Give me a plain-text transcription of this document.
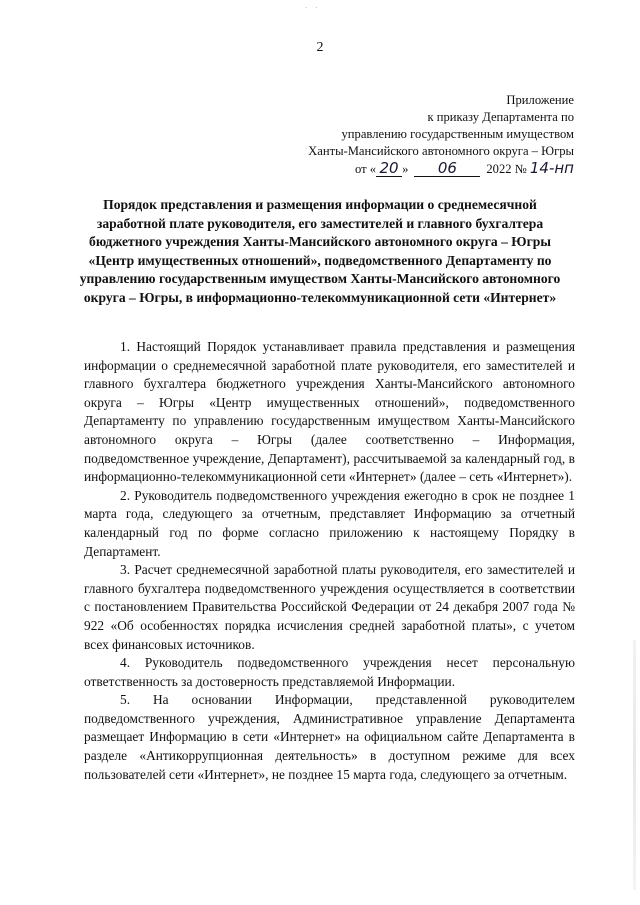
· ·
2
Приложение
к приказу Департамента по
управлению государственным имуществом
Ханты-Мансийского автономного округа – Югры
от « 20 » 06 2022 № 14-нп
Порядок представления и размещения информации о среднемесячной заработной плате руководителя, его заместителей и главного бухгалтера бюджетного учреждения Ханты-Мансийского автономного округа – Югры «Центр имущественных отношений», подведомственного Департаменту по управлению государственным имуществом Ханты-Мансийского автономного округа – Югры, в информационно-телекоммуникационной сети «Интернет»

1. Настоящий Порядок устанавливает правила представления и размещения информации о среднемесячной заработной плате руководителя, его заместителей и главного бухгалтера бюджетного учреждения Ханты-Мансийского автономного округа – Югры «Центр имущественных отношений», подведомственного Департаменту по управлению государственным имуществом Ханты-Мансийского автономного округа – Югры (далее соответственно – Информация, подведомственное учреждение, Департамент), рассчитываемой за календарный год, в информационно-телекоммуникационной сети «Интернет» (далее – сеть «Интернет»).

2. Руководитель подведомственного учреждения ежегодно в срок не позднее 1 марта года, следующего за отчетным, представляет Информацию за отчетный календарный год по форме согласно приложению к настоящему Порядку в Департамент.

3. Расчет среднемесячной заработной платы руководителя, его заместителей и главного бухгалтера подведомственного учреждения осуществляется в соответствии с постановлением Правительства Российской Федерации от 24 декабря 2007 года № 922 «Об особенностях порядка исчисления средней заработной платы», с учетом всех финансовых источников.

4. Руководитель подведомственного учреждения несет персональную ответственность за достоверность представляемой Информации.

5. На основании Информации, представленной руководителем подведомственного учреждения, Административное управление Департамента размещает Информацию в сети «Интернет» на официальном сайте Департамента в разделе «Антикоррупционная деятельность» в доступном режиме для всех пользователей сети «Интернет», не позднее 15 марта года, следующего за отчетным.
